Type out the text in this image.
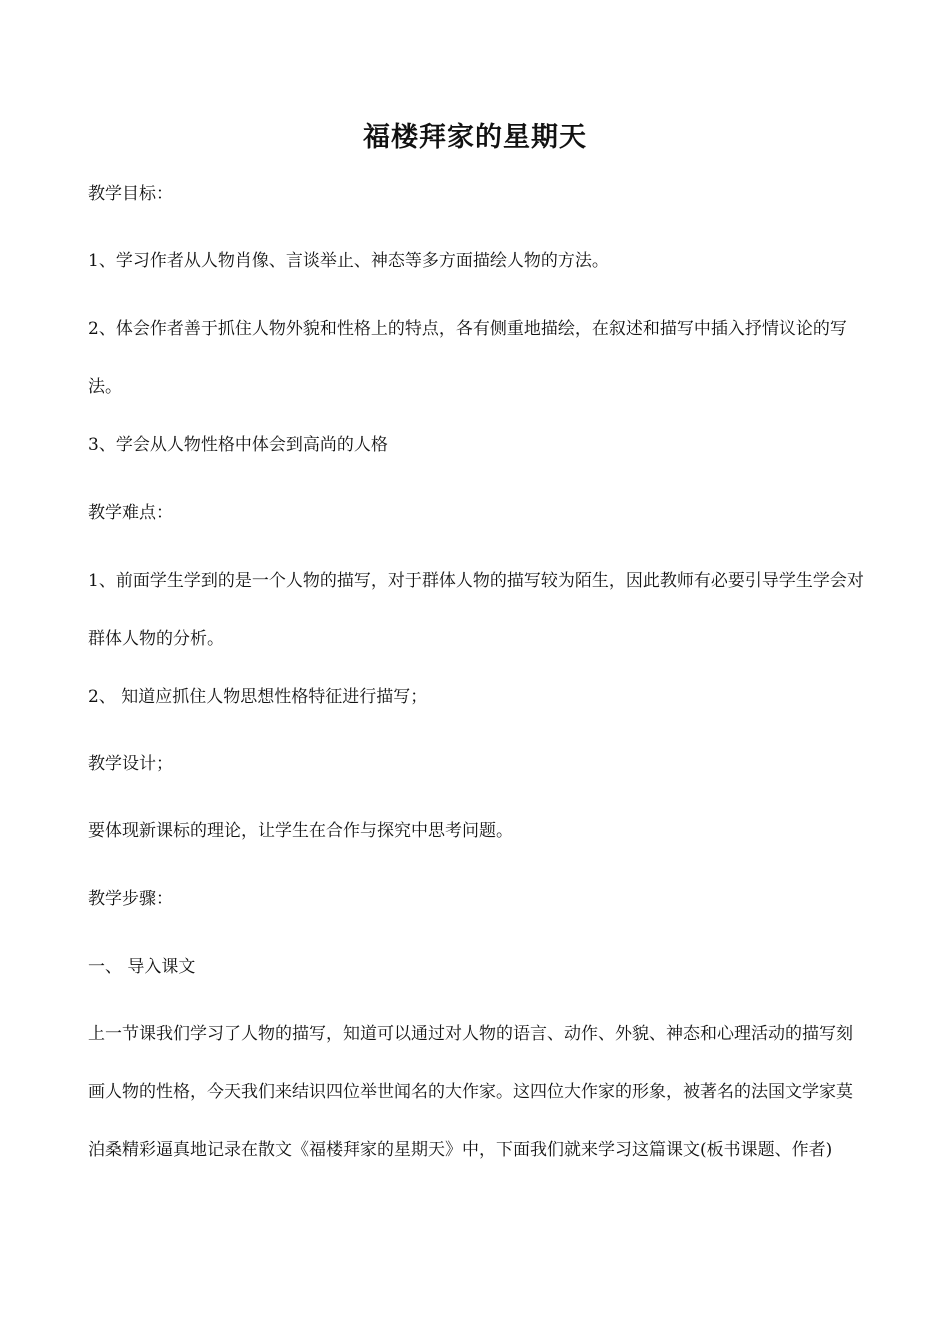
福楼拜家的星期天

教学目标：

1、学习作者从人物肖像、言谈举止、神态等多方面描绘人物的方法。

2、体会作者善于抓住人物外貌和性格上的特点，各有侧重地描绘，在叙述和描写中插入抒情议论的写法。

3、学会从人物性格中体会到高尚的人格

教学难点：

1、前面学生学到的是一个人物的描写，对于群体人物的描写较为陌生，因此教师有必要引导学生学会对群体人物的分析。

2、 知道应抓住人物思想性格特征进行描写；

教学设计；

要体现新课标的理论，让学生在合作与探究中思考问题。

教学步骤：

一、 导入课文

上一节课我们学习了人物的描写，知道可以通过对人物的语言、动作、外貌、神态和心理活动的描写刻画人物的性格，今天我们来结识四位举世闻名的大作家。这四位大作家的形象，被著名的法国文学家莫泊桑精彩逼真地记录在散文《福楼拜家的星期天》中，下面我们就来学习这篇课文(板书课题、作者)
